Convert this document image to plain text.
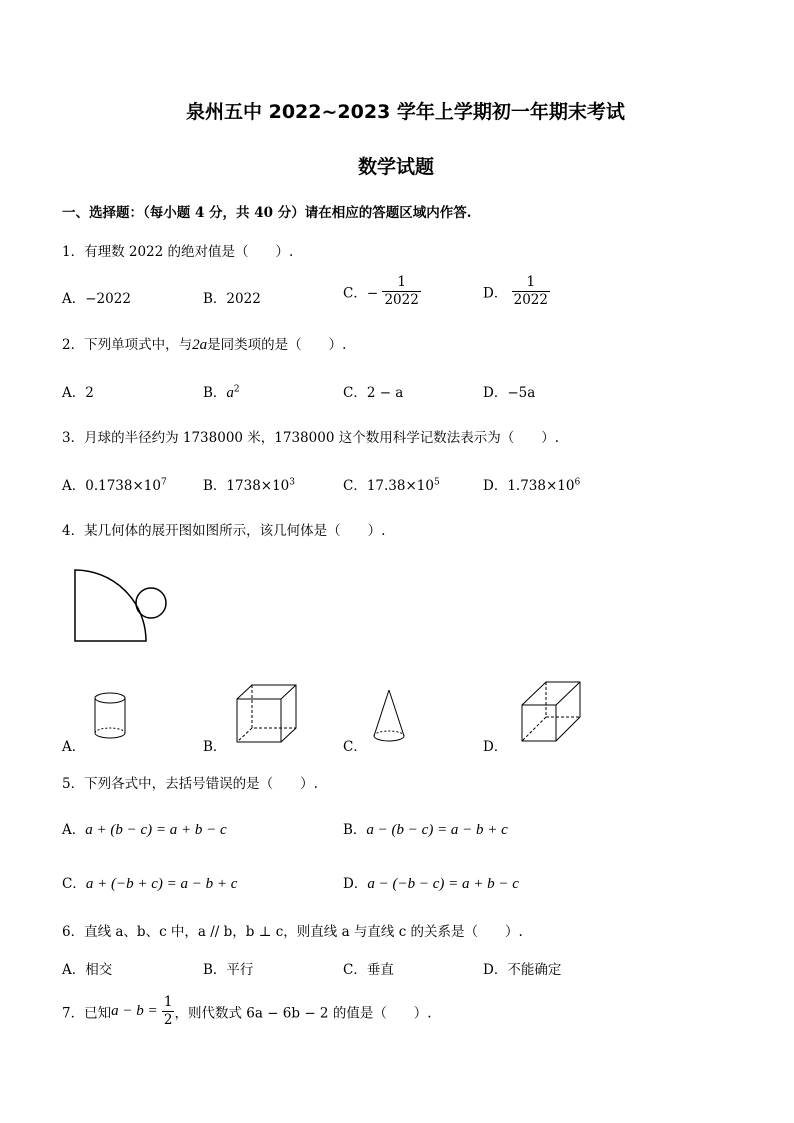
泉州五中 2022~2023 学年上学期初一年期末考试
数学试题
一、选择题：（每小题 4 分，共 40 分）请在相应的答题区域内作答.
1．有理数 2022 的绝对值是（　　）.
A．−2022	B．2022	C．− $\frac{1}{2022}$	D． $\frac{1}{2022}$
2．下列单项式中，与2a是同类项的是（　　）.
A．2	B．$a^2$	C．2 − a	D．−5a
3．月球的半径约为 1738000 米，1738000 这个数用科学记数法表示为（　　）.
A．$0.1738\times 10^7$	B．$1738\times 10^3$	C．$17.38\times 10^5$	D．$1.738\times 10^6$
4．某几何体的展开图如图所示，该几何体是（　　）.
A．	B．	C．	D．
5．下列各式中，去括号错误的是（　　）.
A．a + (b − c) = a + b − c	B．a − (b − c) = a − b + c
C．a + (−b + c) = a − b + c	D．a − (−b − c) = a + b − c
6．直线 a、b、c 中，a // b，b ⊥ c，则直线 a 与直线 c 的关系是（　　）.
A．相交	B．平行	C．垂直	D．不能确定
7．已知$a - b = \frac{1}{2}$ ，则代数式 6a − 6b − 2 的值是（　　）.
